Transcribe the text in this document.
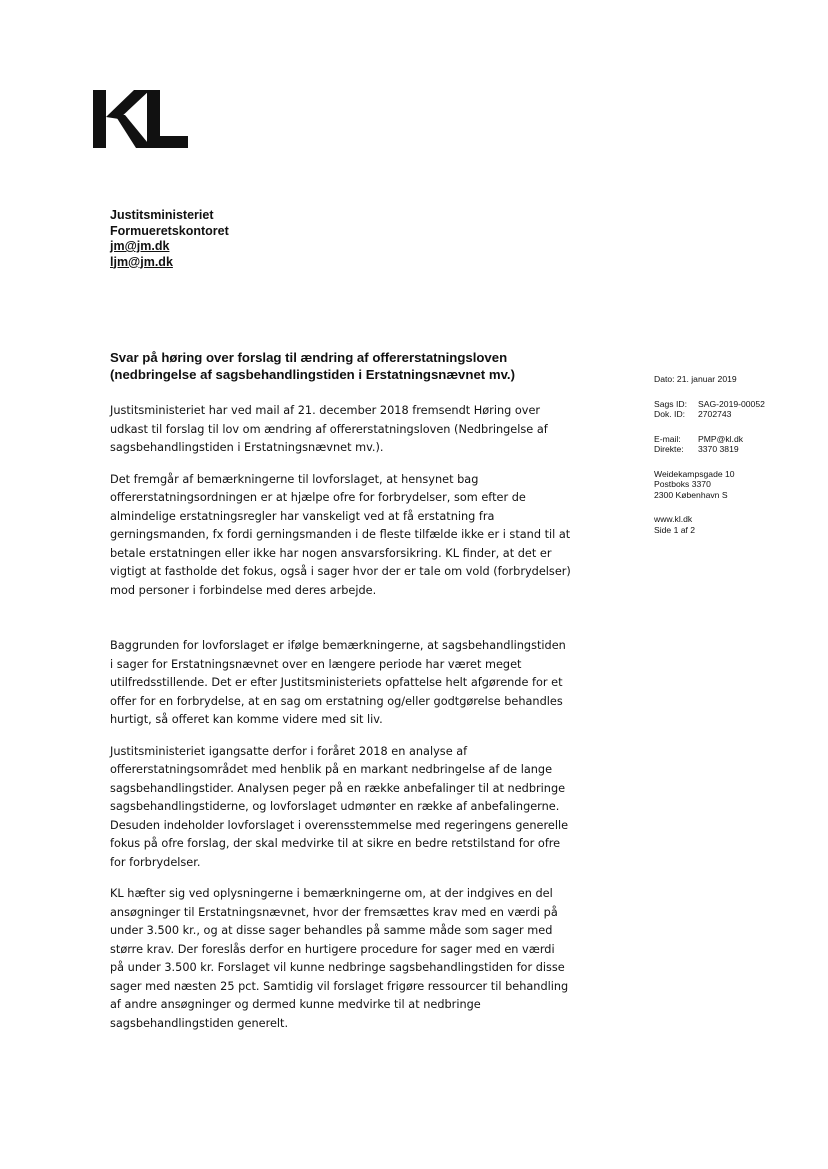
Justitsministeriet
Formueretskontoret
jm@jm.dk
ljm@jm.dk
Svar på høring over forslag til ændring af offererstatningsloven
(nedbringelse af sagsbehandlingstiden i Erstatningsnævnet mv.)

Justitsministeriet har ved mail af 21. december 2018 fremsendt Høring over udkast til forslag til lov om ændring af offererstatningsloven (Nedbringelse af sagsbehandlingstiden i Erstatningsnævnet mv.).

Det fremgår af bemærkningerne til lovforslaget, at hensynet bag offererstatningsordningen er at hjælpe ofre for forbrydelser, som efter de almindelige erstatningsregler har vanskeligt ved at få erstatning fra gerningsmanden, fx fordi gerningsmanden i de fleste tilfælde ikke er i stand til at betale erstatningen eller ikke har nogen ansvarsforsikring. KL finder, at det er vigtigt at fastholde det fokus, også i sager hvor der er tale om vold (forbrydelser) mod personer i forbindelse med deres arbejde.

Baggrunden for lovforslaget er ifølge bemærkningerne, at sagsbehandlingstiden i sager for Erstatningsnævnet over en længere periode har været meget utilfredsstillende. Det er efter Justitsministeriets opfattelse helt afgørende for et offer for en forbrydelse, at en sag om erstatning og/eller godtgørelse behandles hurtigt, så offeret kan komme videre med sit liv.

Justitsministeriet igangsatte derfor i foråret 2018 en analyse af offererstatningsområdet med henblik på en markant nedbringelse af de lange sagsbehandlingstider. Analysen peger på en række anbefalinger til at nedbringe sagsbehandlingstiderne, og lovforslaget udmønter en række af anbefalingerne. Desuden indeholder lovforslaget i overensstemmelse med regeringens generelle fokus på ofre forslag, der skal medvirke til at sikre en bedre retstilstand for ofre for forbrydelser.

KL hæfter sig ved oplysningerne i bemærkningerne om, at der indgives en del ansøgninger til Erstatningsnævnet, hvor der fremsættes krav med en værdi på under 3.500 kr., og at disse sager behandles på samme måde som sager med større krav. Der foreslås derfor en hurtigere procedure for sager med en værdi på under 3.500 kr. Forslaget vil kunne nedbringe sagsbehandlingstiden for disse sager med næsten 25 pct. Samtidig vil forslaget frigøre ressourcer til behandling af andre ansøgninger og dermed kunne medvirke til at nedbringe sagsbehandlingstiden generelt.

Dato: 21. januar 2019
Sags ID: SAG-2019-00052
Dok. ID: 2702743
E-mail: PMP@kl.dk
Direkte: 3370 3819
Weidekampsgade 10
Postboks 3370
2300 København S
www.kl.dk
Side 1 af 2
